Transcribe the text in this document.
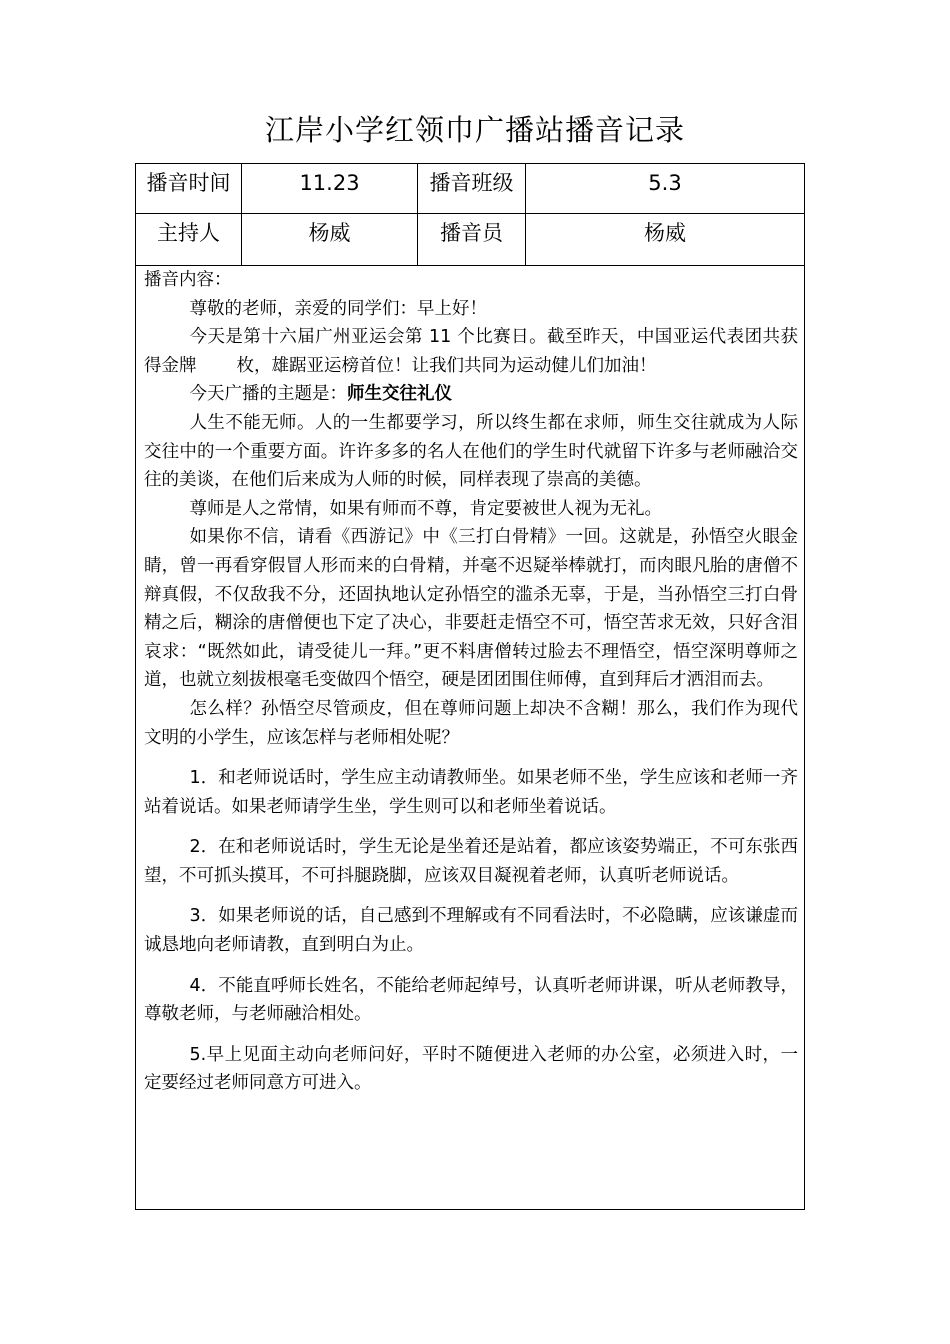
江岸小学红领巾广播站播音记录
播音时间	11.23	播音班级	5.3
主持人	杨威	播音员	杨威

播音内容：

尊敬的老师，亲爱的同学们：早上好！

今天是第十六届广州亚运会第 11 个比赛日。截至昨天，中国亚运代表团共获得金牌 枚，雄踞亚运榜首位！让我们共同为运动健儿们加油！

今天广播的主题是：师生交往礼仪

人生不能无师。人的一生都要学习，所以终生都在求师，师生交往就成为人际交往中的一个重要方面。许许多多的名人在他们的学生时代就留下许多与老师融洽交往的美谈，在他们后来成为人师的时候，同样表现了崇高的美德。

尊师是人之常情，如果有师而不尊，肯定要被世人视为无礼。

如果你不信，请看《西游记》中《三打白骨精》一回。这就是，孙悟空火眼金睛，曾一再看穿假冒人形而来的白骨精，并毫不迟疑举棒就打，而肉眼凡胎的唐僧不辩真假，不仅敌我不分，还固执地认定孙悟空的滥杀无辜，于是，当孙悟空三打白骨精之后，糊涂的唐僧便也下定了决心，非要赶走悟空不可，悟空苦求无效，只好含泪哀求：“既然如此，请受徒儿一拜。”更不料唐僧转过脸去不理悟空，悟空深明尊师之道，也就立刻拔根毫毛变做四个悟空，硬是团团围住师傅，直到拜后才洒泪而去。

怎么样？孙悟空尽管顽皮，但在尊师问题上却决不含糊！那么，我们作为现代文明的小学生，应该怎样与老师相处呢？

1．和老师说话时，学生应主动请教师坐。如果老师不坐，学生应该和老师一齐站着说话。如果老师请学生坐，学生则可以和老师坐着说话。

2．在和老师说话时，学生无论是坐着还是站着，都应该姿势端正，不可东张西望，不可抓头摸耳，不可抖腿跷脚，应该双目凝视着老师，认真听老师说话。

3．如果老师说的话，自己感到不理解或有不同看法时，不必隐瞒，应该谦虚而诚恳地向老师请教，直到明白为止。

4．不能直呼师长姓名，不能给老师起绰号，认真听老师讲课，听从老师教导，尊敬老师，与老师融洽相处。

5.早上见面主动向老师问好，平时不随便进入老师的办公室，必须进入时，一定要经过老师同意方可进入。
